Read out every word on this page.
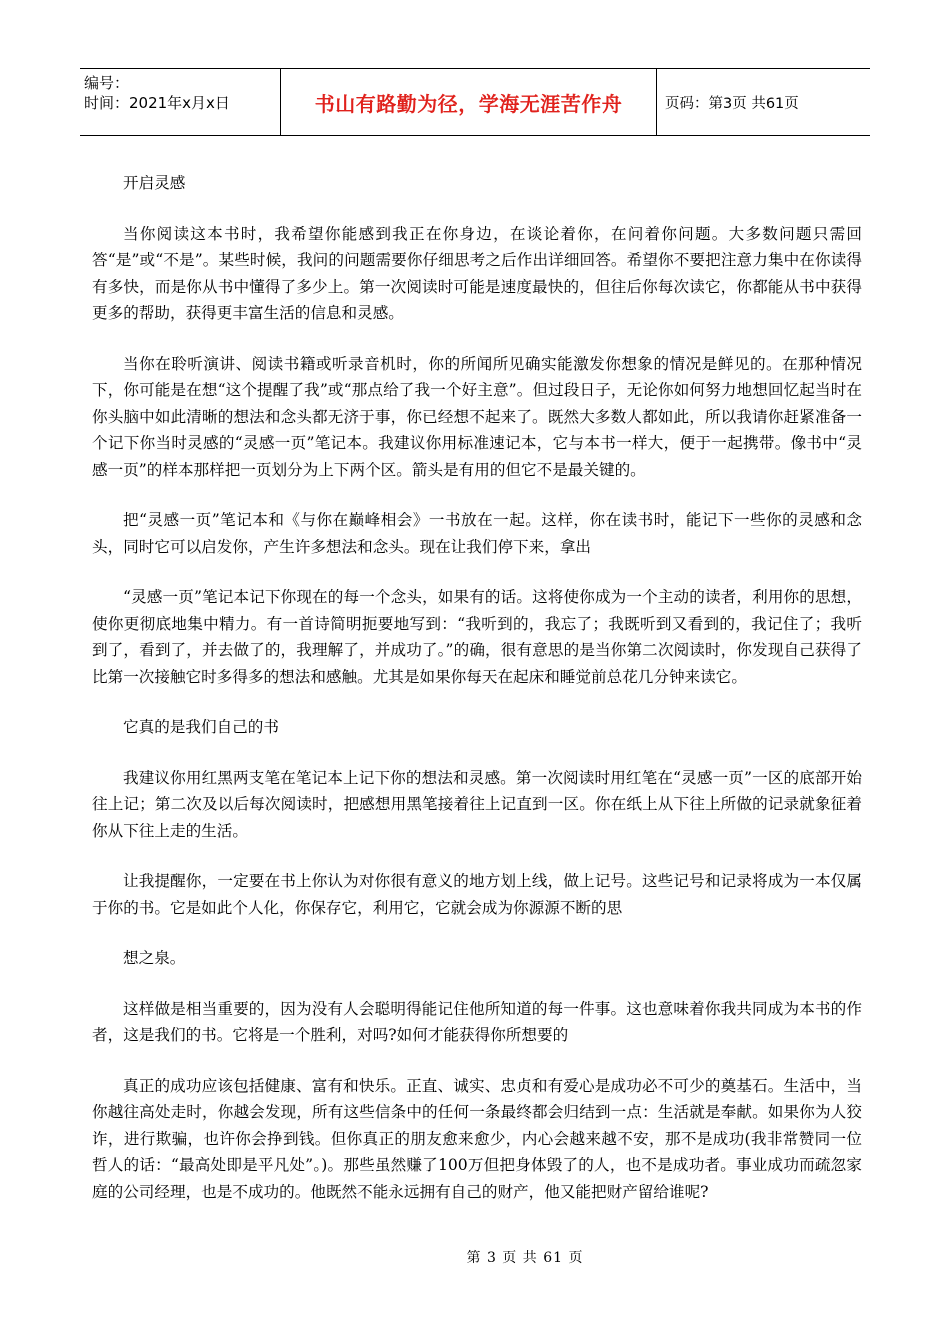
编号：
时间：2021年x月x日	书山有路勤为径，学海无涯苦作舟	页码：第3页 共61页

开启灵感

当你阅读这本书时，我希望你能感到我正在你身边，在谈论着你，在问着你问题。大多数问题只需回答“是”或“不是”。某些时候，我问的问题需要你仔细思考之后作出详细回答。希望你不要把注意力集中在你读得有多快，而是你从书中懂得了多少上。第一次阅读时可能是速度最快的，但往后你每次读它，你都能从书中获得更多的帮助，获得更丰富生活的信息和灵感。

当你在聆听演讲、阅读书籍或听录音机时，你的所闻所见确实能激发你想象的情况是鲜见的。在那种情况下，你可能是在想“这个提醒了我”或“那点给了我一个好主意”。但过段日子，无论你如何努力地想回忆起当时在你头脑中如此清晰的想法和念头都无济于事，你已经想不起来了。既然大多数人都如此，所以我请你赶紧准备一个记下你当时灵感的“灵感一页”笔记本。我建议你用标准速记本，它与本书一样大，便于一起携带。像书中“灵感一页”的样本那样把一页划分为上下两个区。箭头是有用的但它不是最关键的。

把“灵感一页”笔记本和《与你在巅峰相会》一书放在一起。这样，你在读书时，能记下一些你的灵感和念头，同时它可以启发你，产生许多想法和念头。现在让我们停下来，拿出

“灵感一页”笔记本记下你现在的每一个念头，如果有的话。这将使你成为一个主动的读者，利用你的思想，使你更彻底地集中精力。有一首诗简明扼要地写到：“我听到的，我忘了；我既听到又看到的，我记住了；我听到了，看到了，并去做了的，我理解了，并成功了。”的确，很有意思的是当你第二次阅读时，你发现自己获得了比第一次接触它时多得多的想法和感触。尤其是如果你每天在起床和睡觉前总花几分钟来读它。

它真的是我们自己的书

我建议你用红黑两支笔在笔记本上记下你的想法和灵感。第一次阅读时用红笔在“灵感一页”一区的底部开始往上记；第二次及以后每次阅读时，把感想用黑笔接着往上记直到一区。你在纸上从下往上所做的记录就象征着你从下往上走的生活。

让我提醒你，一定要在书上你认为对你很有意义的地方划上线，做上记号。这些记号和记录将成为一本仅属于你的书。它是如此个人化，你保存它，利用它，它就会成为你源源不断的思

想之泉。

这样做是相当重要的，因为没有人会聪明得能记住他所知道的每一件事。这也意味着你我共同成为本书的作者，这是我们的书。它将是一个胜利，对吗?如何才能获得你所想要的

真正的成功应该包括健康、富有和快乐。正直、诚实、忠贞和有爱心是成功必不可少的奠基石。生活中，当你越往高处走时，你越会发现，所有这些信条中的任何一条最终都会归结到一点：生活就是奉献。如果你为人狡诈，进行欺骗，也许你会挣到钱。但你真正的朋友愈来愈少，内心会越来越不安，那不是成功(我非常赞同一位哲人的话：“最高处即是平凡处”。)。那些虽然赚了100万但把身体毁了的人，也不是成功者。事业成功而疏忽家庭的公司经理，也是不成功的。他既然不能永远拥有自己的财产，他又能把财产留给谁呢?

第 3 页 共 61 页
